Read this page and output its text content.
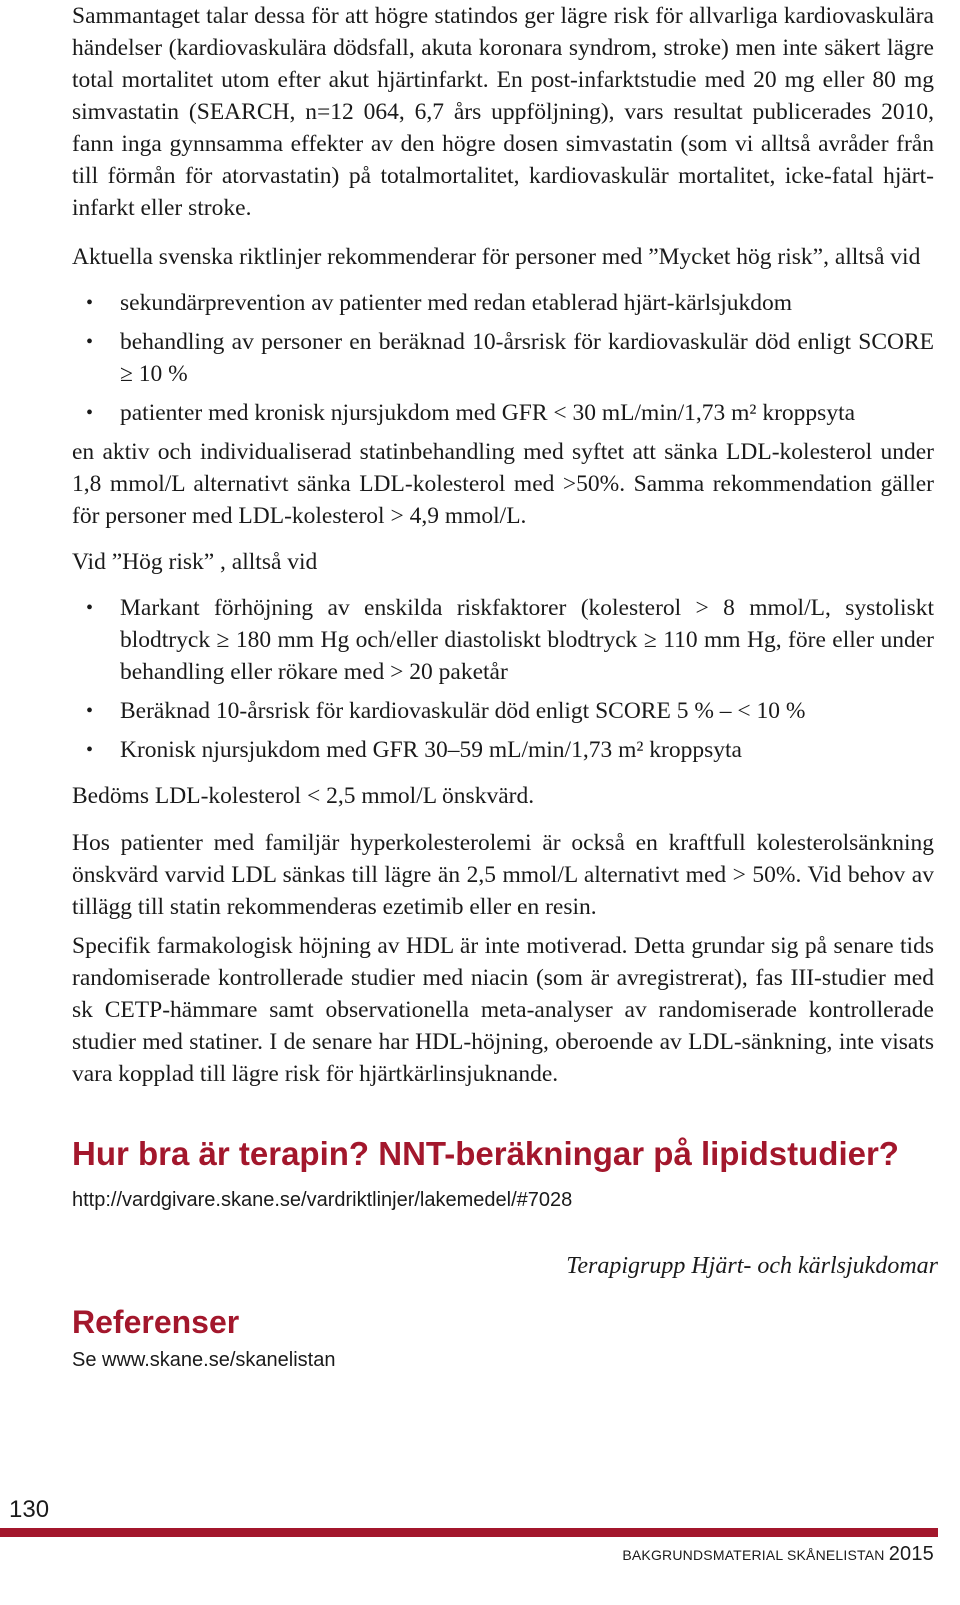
Sammantaget talar dessa för att högre statindos ger lägre risk för allvarliga kardiovaskulära händelser (kardiovaskulära dödsfall, akuta koronara syndrom, stroke) men inte säkert lägre total mortalitet utom efter akut hjärtinfarkt. En post-infarktstudie med 20 mg eller 80 mg simvastatin (SEARCH, n=12 064, 6,7 års uppföljning), vars resultat publicerades 2010, fann inga gynnsamma effekter av den högre dosen simvastatin (som vi alltså avråder från till förmån för atorvastatin) på totalmortalitet, kardiovaskulär mortalitet, icke-fatal hjärtinfarkt eller stroke.

Aktuella svenska riktlinjer rekommenderar för personer med ”Mycket hög risk”, alltså vid

• sekundärprevention av patienter med redan etablerad hjärt-kärlsjukdom
• behandling av personer en beräknad 10-årsrisk för kardiovaskulär död enligt SCORE ≥ 10 %
• patienter med kronisk njursjukdom med GFR < 30 mL/min/1,73 m² kroppsyta

en aktiv och individualiserad statinbehandling med syftet att sänka LDL-kolesterol under 1,8 mmol/L alternativt sänka LDL-kolesterol med >50%. Samma rekommendation gäller för personer med LDL-kolesterol > 4,9 mmol/L.

Vid ”Hög risk” , alltså vid

• Markant förhöjning av enskilda riskfaktorer (kolesterol > 8 mmol/L, systoliskt blodtryck ≥ 180 mm Hg och/eller diastoliskt blodtryck ≥ 110 mm Hg, före eller under behandling eller rökare med > 20 paketår
• Beräknad 10-årsrisk för kardiovaskulär död enligt SCORE 5 % – < 10 %
• Kronisk njursjukdom med GFR 30–59 mL/min/1,73 m² kroppsyta

Bedöms LDL-kolesterol < 2,5 mmol/L önskvärd.

Hos patienter med familjär hyperkolesterolemi är också en kraftfull kolesterolsänkning önskvärd varvid LDL sänkas till lägre än 2,5 mmol/L alternativt med > 50%. Vid behov av tillägg till statin rekommenderas ezetimib eller en resin.

Specifik farmakologisk höjning av HDL är inte motiverad. Detta grundar sig på senare tids randomiserade kontrollerade studier med niacin (som är avregistrerat), fas III-studier med sk CETP-hämmare samt observationella meta-analyser av randomiserade kontrollerade studier med statiner. I de senare har HDL-höjning, oberoende av LDL-sänkning, inte visats vara kopplad till lägre risk för hjärtkärlinsjuknande.

Hur bra är terapin? NNT-beräkningar på lipidstudier?

http://vardgivare.skane.se/vardriktlinjer/lakemedel/#7028

Terapigrupp Hjärt- och kärlsjukdomar

Referenser

Se www.skane.se/skanelistan

130
BAKGRUNDSMATERIAL SKÅNELISTAN 2015
